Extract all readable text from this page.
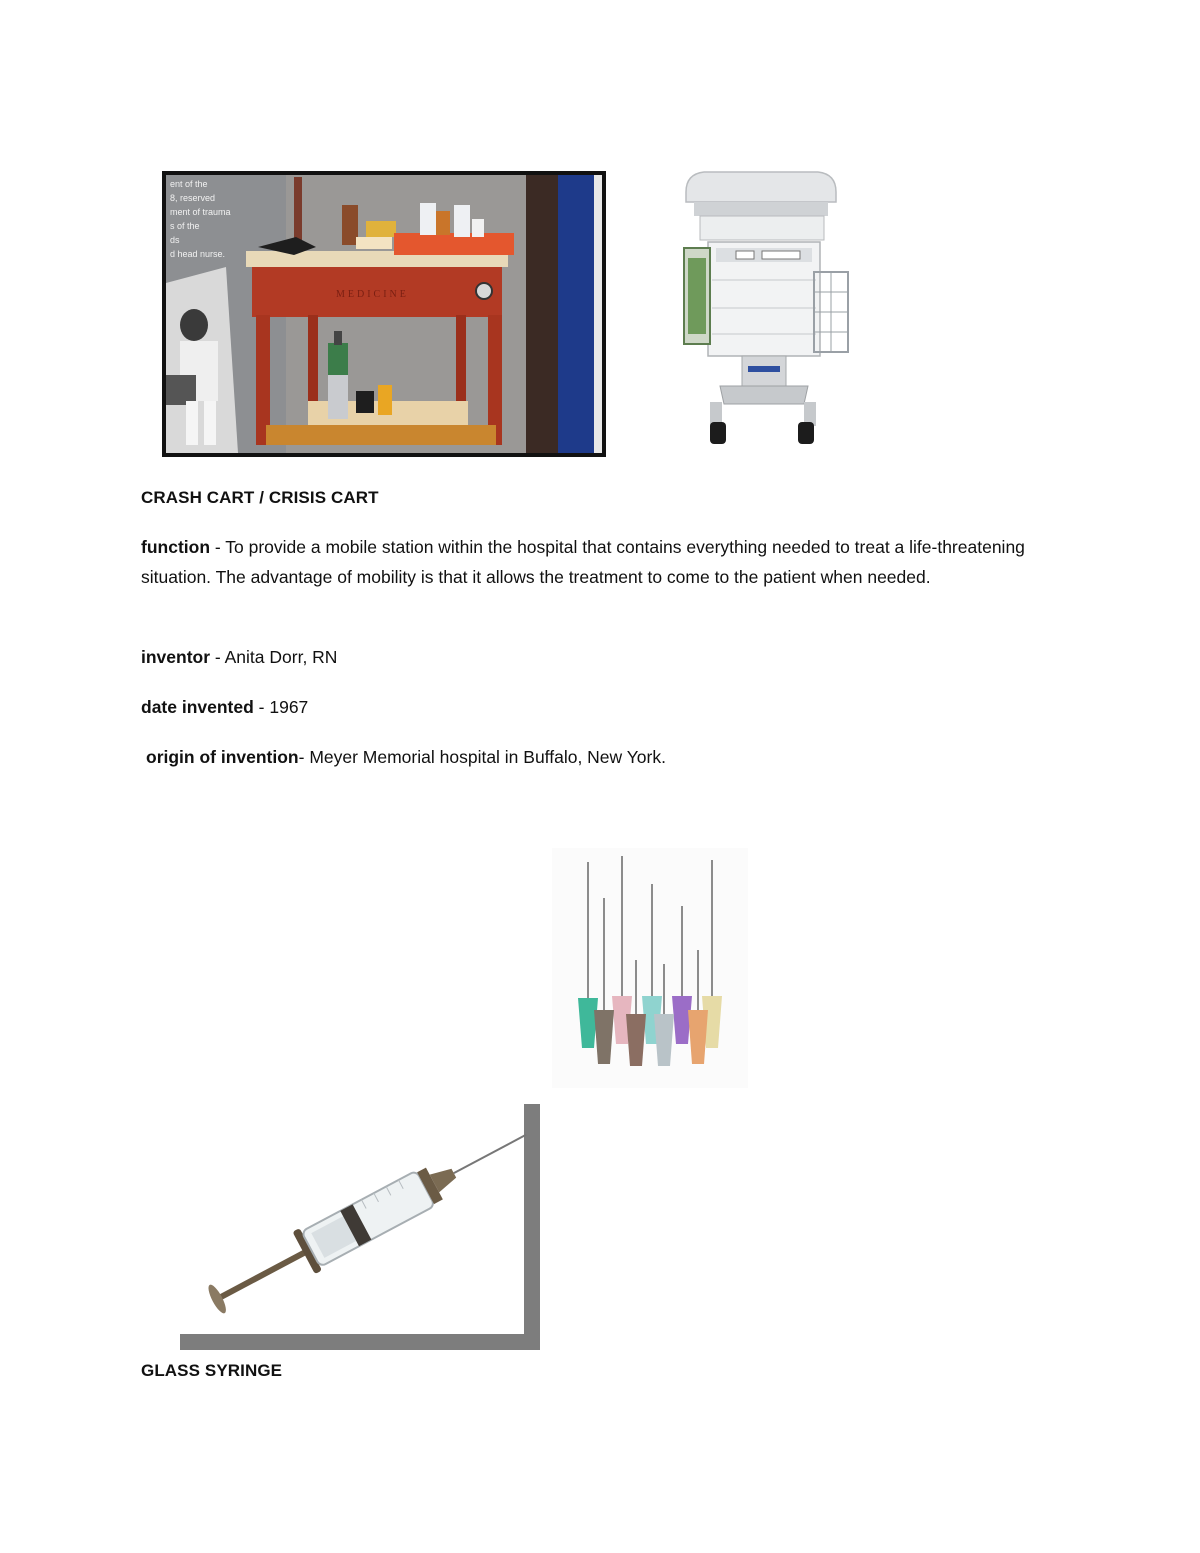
ent of the
8, reserved
ment of trauma
s of the
ds
d head nurse.
MEDICINE
CRASH CART / CRISIS CART
function - To provide a mobile station within the hospital that contains everything needed to treat a life-threatening situation. The advantage of mobility is that it allows the treatment to come to the patient when needed.
inventor - Anita Dorr, RN
date invented - 1967
origin of invention- Meyer Memorial hospital in Buffalo, New York.
GLASS SYRINGE
